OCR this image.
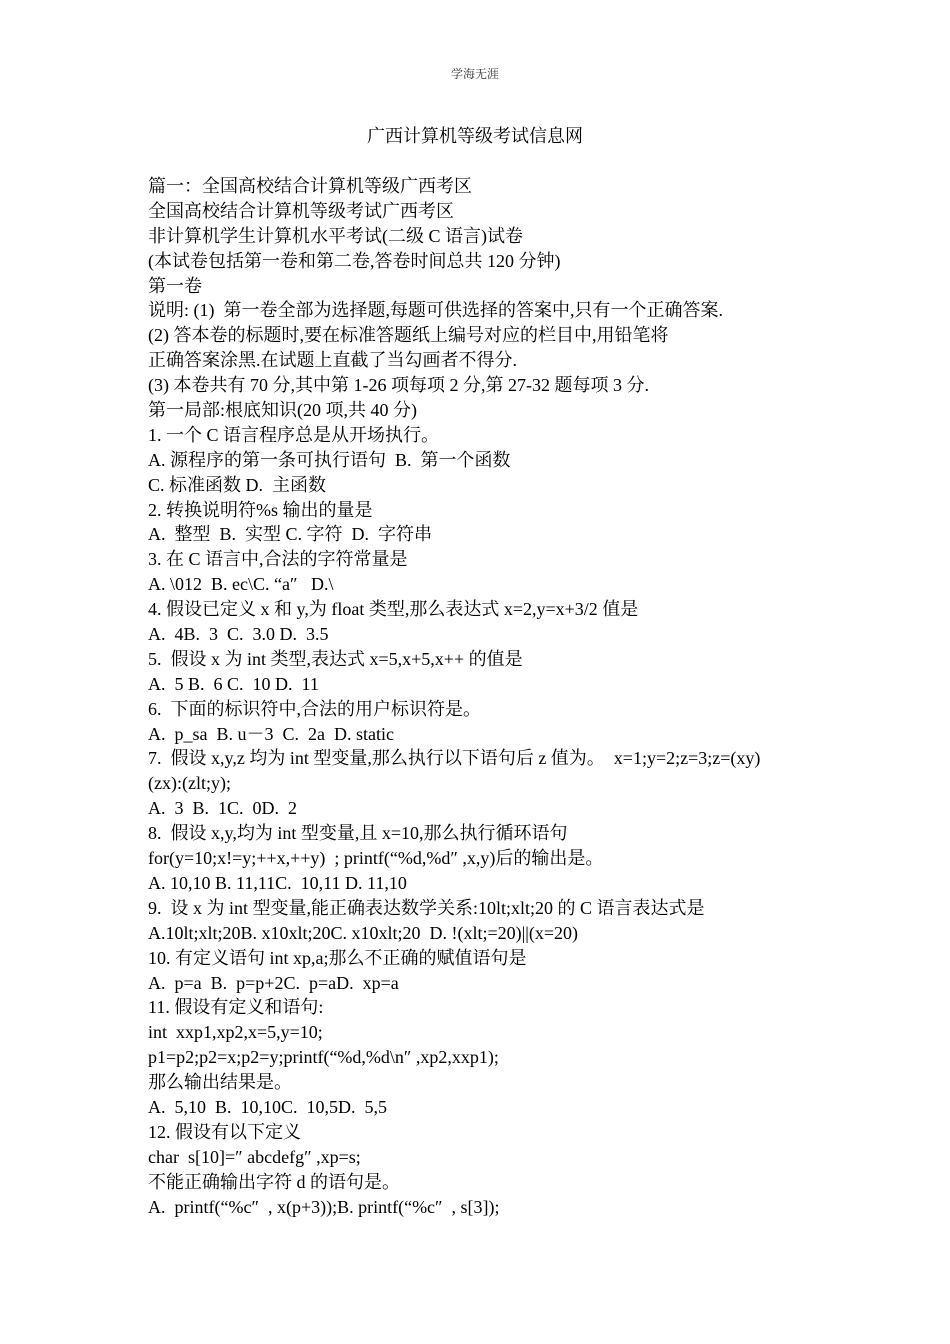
学海无涯
广西计算机等级考试信息网
篇一：全国高校结合计算机等级广西考区
全国高校结合计算机等级考试广西考区
非计算机学生计算机水平考试(二级 C 语言)试卷
(本试卷包括第一卷和第二卷,答卷时间总共 120 分钟)
第一卷
说明: (1)  第一卷全部为选择题,每题可供选择的答案中,只有一个正确答案.
(2) 答本卷的标题时,要在标准答题纸上编号对应的栏目中,用铅笔将
正确答案涂黑.在试题上直截了当勾画者不得分.
(3) 本卷共有 70 分,其中第 1-26 项每项 2 分,第 27-32 题每项 3 分.
第一局部:根底知识(20 项,共 40 分)
1. 一个 C 语言程序总是从开场执行。
A. 源程序的第一条可执行语句  B.  第一个函数
C. 标准函数 D.  主函数
2. 转换说明符%s 输出的量是
A.  整型  B.  实型 C. 字符  D.  字符串
3. 在 C 语言中,合法的字符常量是
A. \012  B. ec\C. “a″   D.\
4. 假设已定义 x 和 y,为 float 类型,那么表达式 x=2,y=x+3/2 值是
A.  4B.  3  C.  3.0 D.  3.5
5.  假设 x 为 int 类型,表达式 x=5,x+5,x++ 的值是
A.  5 B.  6 C.  10 D.  11
6.  下面的标识符中,合法的用户标识符是。
A.  p_sa  B. u－3  C.  2a  D. static
7.  假设 x,y,z 均为 int 型变量,那么执行以下语句后 z 值为。  x=1;y=2;z=3;z=(xy)
(zx):(zlt;y);
A.  3  B.  1C.  0D.  2
8.  假设 x,y,均为 int 型变量,且 x=10,那么执行循环语句
for(y=10;x!=y;++x,++y)  ; printf(“%d,%d″ ,x,y)后的输出是。
A. 10,10 B. 11,11C.  10,11 D. 11,10
9.  设 x 为 int 型变量,能正确表达数学关系:10lt;xlt;20 的 C 语言表达式是
A.10lt;xlt;20B. x10xlt;20C. x10xlt;20  D. !(xlt;=20)||(x=20)
10. 有定义语句 int xp,a;那么不正确的赋值语句是
A.  p=a  B.  p=p+2C.  p=aD.  xp=a
11. 假设有定义和语句:
int  xxp1,xp2,x=5,y=10;
p1=p2;p2=x;p2=y;printf(“%d,%d\n″ ,xp2,xxp1);
那么输出结果是。
A.  5,10  B.  10,10C.  10,5D.  5,5
12. 假设有以下定义
char  s[10]=″ abcdefg″ ,xp=s;
不能正确输出字符 d 的语句是。
A.  printf(“%c″  , x(p+3));B. printf(“%c″  , s[3]);
